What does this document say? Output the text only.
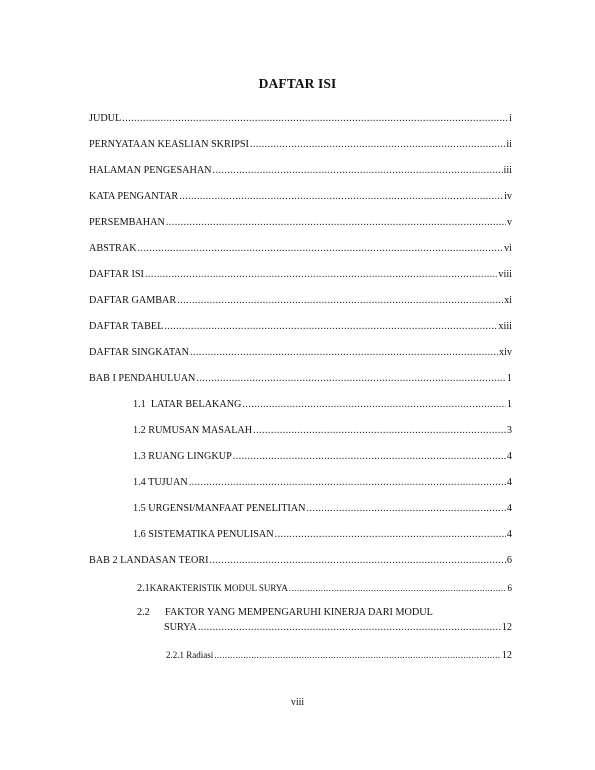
DAFTAR ISI
JUDUL .....	i
PERNYATAAN KEASLIAN SKRIPSI .....	ii
HALAMAN PENGESAHAN .....	iii
KATA PENGANTAR .....	iv
PERSEMBAHAN .....	v
ABSTRAK .....	vi
DAFTAR ISI .....	viii
DAFTAR GAMBAR .....	xi
DAFTAR TABEL .....	xiii
DAFTAR SINGKATAN .....	xiv
BAB I PENDAHULUAN .....	1
1.1  LATAR BELAKANG .....	1
1.2 RUMUSAN MASALAH .....	3
1.3 RUANG LINGKUP .....	4
1.4 TUJUAN .....	4
1.5 URGENSI/MANFAAT PENELITIAN .....	4
1.6 SISTEMATIKA PENULISAN .....	4
BAB 2 LANDASAN TEORI .....	6
2.1 KARAKTERISTIK MODUL SURYA .....	6
2.2 FAKTOR YANG MEMPENGARUHI KINERJA DARI MODUL
SURYA .....	12
2.2.1 Radiasi .....	12
viii
